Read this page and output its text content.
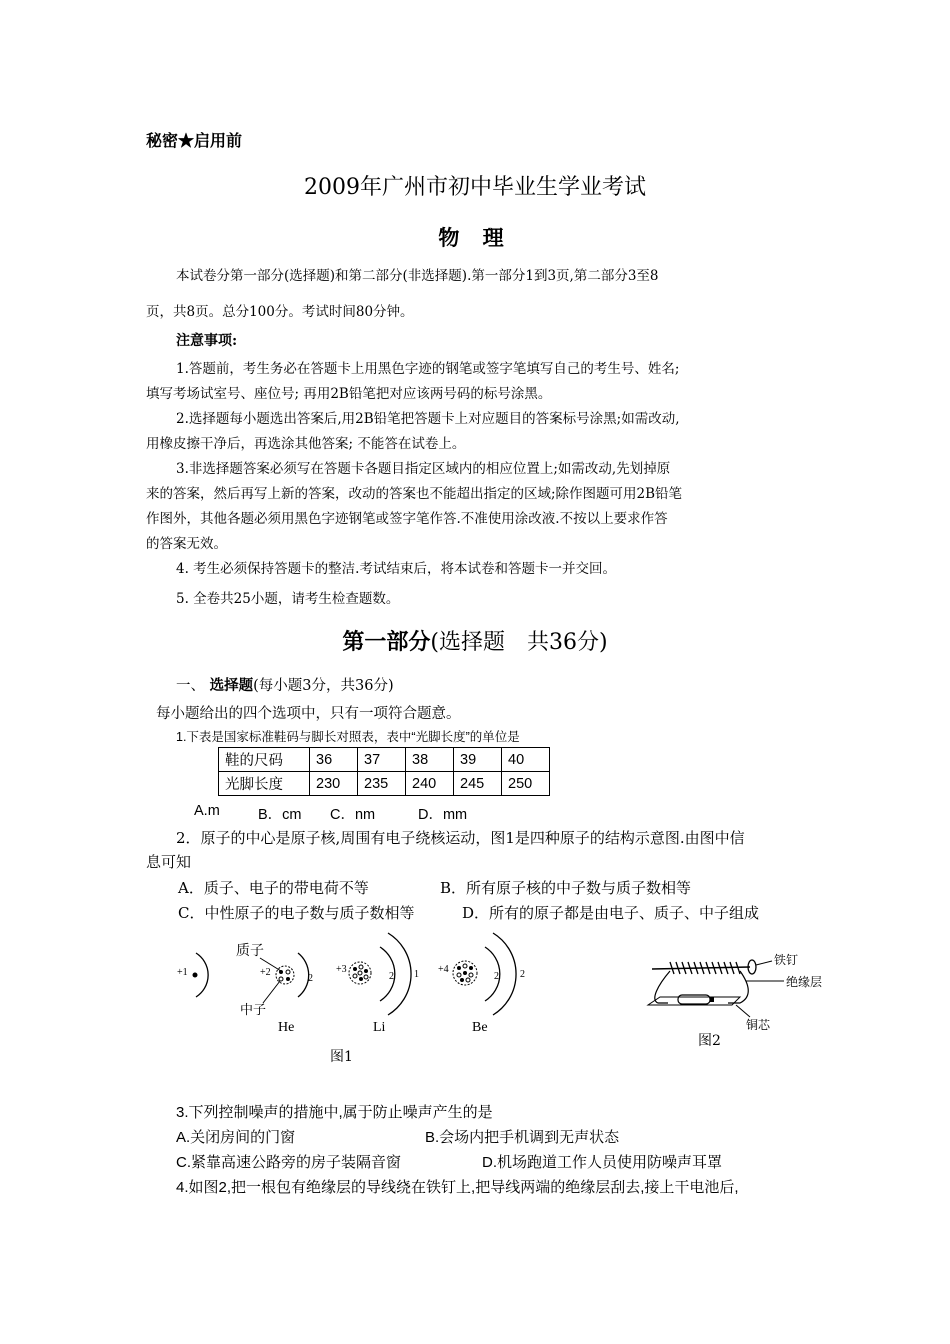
秘密★启用前
2009年广州市初中毕业生学业考试
物 理
本试卷分第一部分(选择题)和第二部分(非选择题).第一部分1到3页,第二部分3至8
页，共8页。总分100分。考试时间80分钟。
注意事项:
1.答题前，考生务必在答题卡上用黑色字迹的钢笔或签字笔填写自己的考生号、姓名;
填写考场试室号、座位号; 再用2B铅笔把对应该两号码的标号涂黑。
2.选择题每小题选出答案后,用2B铅笔把答题卡上对应题目的答案标号涂黑;如需改动,
用橡皮擦干净后，再选涂其他答案; 不能答在试卷上。
3.非选择题答案必须写在答题卡各题目指定区域内的相应位置上;如需改动,先划掉原
来的答案，然后再写上新的答案，改动的答案也不能超出指定的区域;除作图题可用2B铅笔
作图外，其他各题必须用黑色字迹钢笔或签字笔作答.不准使用涂改液.不按以上要求作答
的答案无效。
4. 考生必须保持答题卡的整洁.考试结束后，将本试卷和答题卡一并交回。
5. 全卷共25小题，请考生检查题数。
第一部分(选择题　共36分)
一、 选择题(每小题3分，共36分)
每小题给出的四个选项中，只有一项符合题意。
1.下表是国家标准鞋码与脚长对照表，表中“光脚长度”的单位是
鞋的尺码	36	37	38	39	40
光脚长度	230	235	240	245	250
A.m	B．cm C．nm	D．mm
2．原子的中心是原子核,周围有电子绕核运动，图1是四种原子的结构示意图.由图中信
息可知
A．质子、电子的带电荷不等	B．所有原子核的中子数与质子数相等
C．中性原子的电子数与质子数相等	D．所有的原子都是由电子、质子、中子组成
+1	+2
2
质子
中子
He
+3
2 1
Li
+4
2 2
Be
图1
铁钉
绝缘层
铜芯
图2
3.下列控制噪声的措施中,属于防止噪声产生的是
A.关闭房间的门窗	B.会场内把手机调到无声状态
C.紧靠高速公路旁的房子装隔音窗	D.机场跑道工作人员使用防噪声耳罩
4.如图2,把一根包有绝缘层的导线绕在铁钉上,把导线两端的绝缘层刮去,接上干电池后,
